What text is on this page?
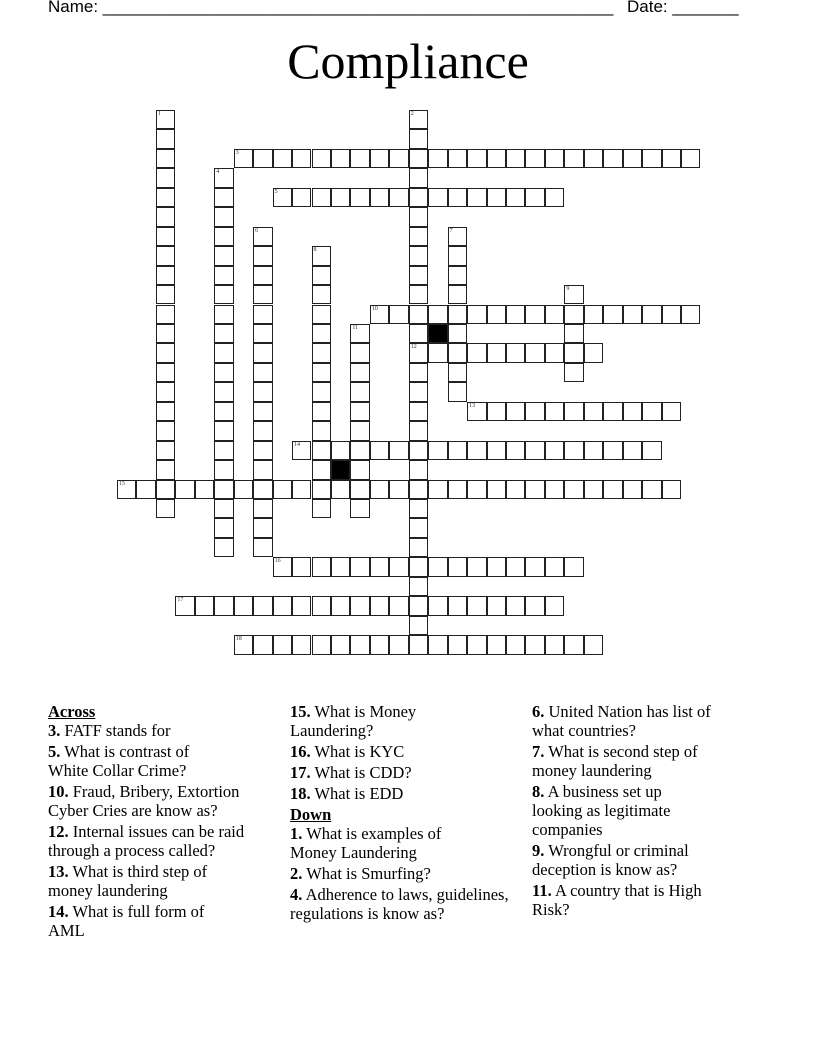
Name: ______________________________________________________ Date: _______
Compliance
1	2
12
3
4
5
6	7
8
9
10
11
13
14
15
16
17
18
Across
3. FATF stands for
5. What is contrast of White Collar Crime?
10. Fraud, Bribery, Extortion Cyber Cries are know as?
12. Internal issues can be raid through a process called?
13. What is third step of money laundering
14. What is full form of AML
15. What is Money Laundering?
16. What is KYC
17. What is CDD?
18. What is EDD
Down
1. What is examples of Money Laundering
2. What is Smurfing?
4. Adherence to laws, guidelines, regulations is know as?
6. United Nation has list of what countries?
7. What is second step of money laundering
8. A business set up looking as legitimate companies
9. Wrongful or criminal deception is know as?
11. A country that is High Risk?
